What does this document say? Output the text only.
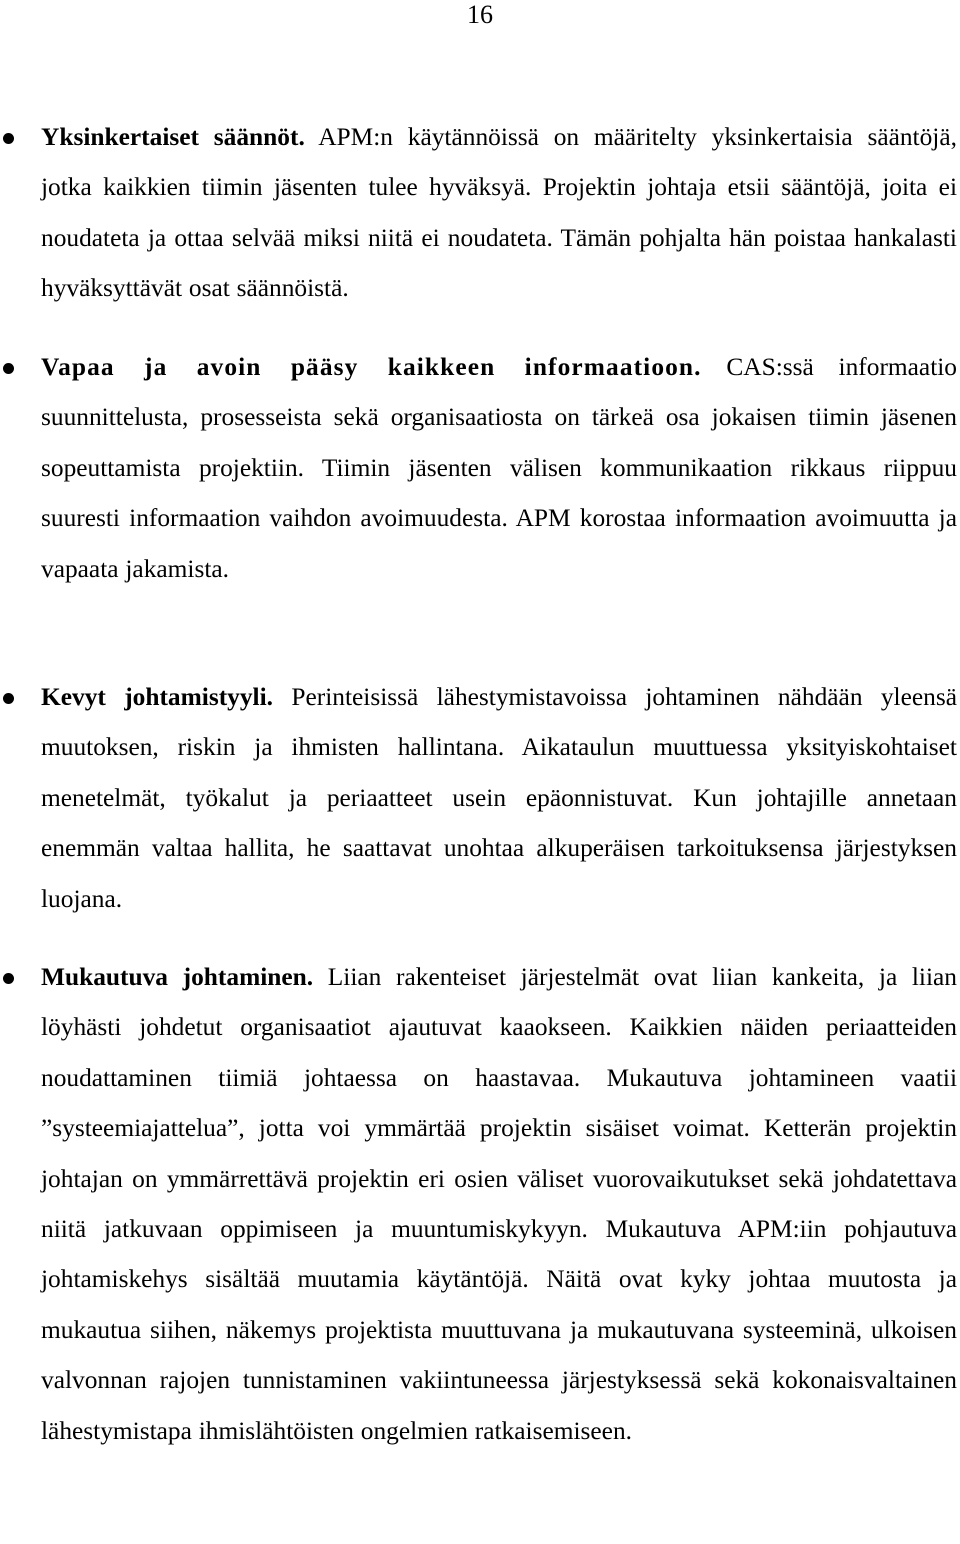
16

Yksinkertaiset säännöt. APM:n käytännöissä on määritelty yksinkertaisia sääntöjä, jotka kaikkien tiimin jäsenten tulee hyväksyä. Projektin johtaja etsii sääntöjä, joita ei noudateta ja ottaa selvää miksi niitä ei noudateta. Tämän pohjalta hän poistaa hankalasti hyväksyttävät osat säännöistä.

Vapaa ja avoin pääsy kaikkeen informaatioon. CAS:ssä informaatio suunnittelusta, prosesseista sekä organisaatiosta on tärkeä osa jokaisen tiimin jäsenen sopeuttamista projektiin. Tiimin jäsenten välisen kommunikaation rikkaus riippuu suuresti informaation vaihdon avoimuudesta. APM korostaa informaation avoimuutta ja vapaata jakamista.

Kevyt johtamistyyli. Perinteisissä lähestymistavoissa johtaminen nähdään yleensä muutoksen, riskin ja ihmisten hallintana. Aikataulun muuttuessa yksityiskohtaiset menetelmät, työkalut ja periaatteet usein epäonnistuvat. Kun johtajille annetaan enemmän valtaa hallita, he saattavat unohtaa alkuperäisen tarkoituksensa järjestyksen luojana.

Mukautuva johtaminen. Liian rakenteiset järjestelmät ovat liian kankeita, ja liian löyhästi johdetut organisaatiot ajautuvat kaaokseen. Kaikkien näiden periaatteiden noudattaminen tiimiä johtaessa on haastavaa. Mukautuva johtamineen vaatii ”systeemiajattelua”, jotta voi ymmärtää projektin sisäiset voimat. Ketterän projektin johtajan on ymmärrettävä projektin eri osien väliset vuorovaikutukset sekä johdatettava niitä jatkuvaan oppimiseen ja muuntumiskykyyn. Mukautuva APM:iin pohjautuva johtamiskehys sisältää muutamia käytäntöjä. Näitä ovat kyky johtaa muutosta ja mukautua siihen, näkemys projektista muuttuvana ja mukautuvana systeeminä, ulkoisen valvonnan rajojen tunnistaminen vakiintuneessa järjestyksessä sekä kokonaisvaltainen lähestymistapa ihmislähtöisten ongelmien ratkaisemiseen.
